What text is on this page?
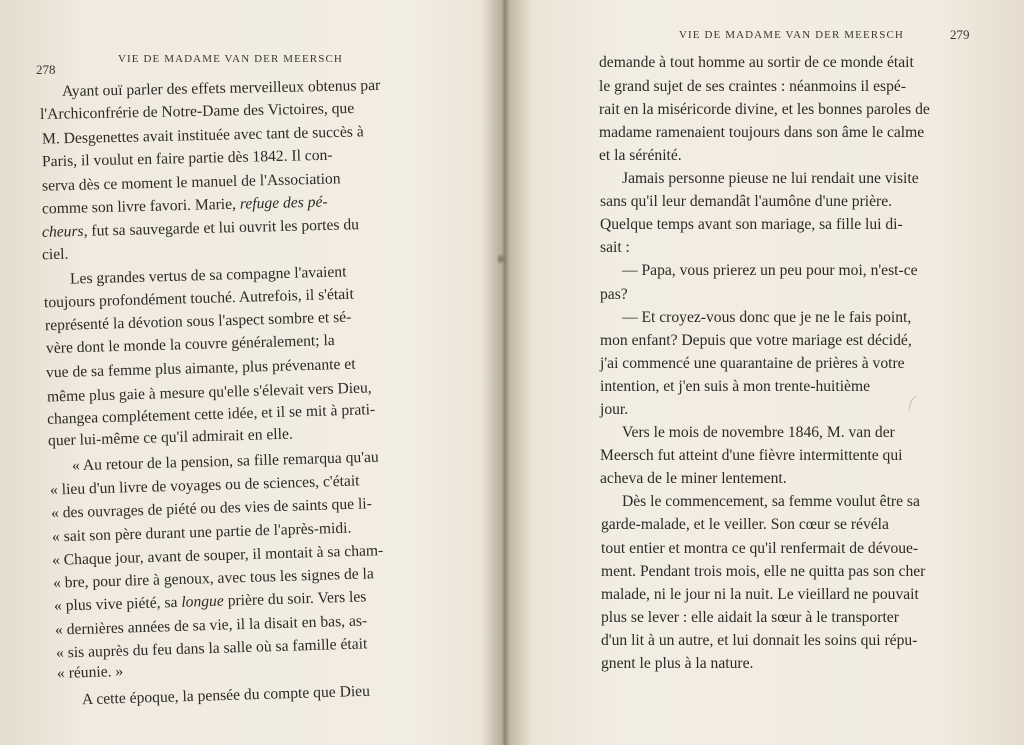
278
VIE DE MADAME VAN DER MEERSCH
Ayant ouï parler des effets merveilleux obtenus par
l'Archiconfrérie de Notre-Dame des Victoires, que
M. Desgenettes avait instituée avec tant de succès à
Paris, il voulut en faire partie dès 1842. Il con-
serva dès ce moment le manuel de l'Association
comme son livre favori. Marie, refuge des pé-
cheurs, fut sa sauvegarde et lui ouvrit les portes du
ciel.
Les grandes vertus de sa compagne l'avaient
toujours profondément touché. Autrefois, il s'était
représenté la dévotion sous l'aspect sombre et sé-
vère dont le monde la couvre généralement; la
vue de sa femme plus aimante, plus prévenante et
même plus gaie à mesure qu'elle s'élevait vers Dieu,
changea complétement cette idée, et il se mit à prati-
quer lui-même ce qu'il admirait en elle.
« Au retour de la pension, sa fille remarqua qu'au
« lieu d'un livre de voyages ou de sciences, c'était
« des ouvrages de piété ou des vies de saints que li-
« sait son père durant une partie de l'après-midi.
« Chaque jour, avant de souper, il montait à sa cham-
« bre, pour dire à genoux, avec tous les signes de la
« plus vive piété, sa longue prière du soir. Vers les
« dernières années de sa vie, il la disait en bas, as-
« sis auprès du feu dans la salle où sa famille était
« réunie. »
A cette époque, la pensée du compte que Dieu
VIE DE MADAME VAN DER MEERSCH	279
demande à tout homme au sortir de ce monde était
le grand sujet de ses craintes : néanmoins il espé-
rait en la miséricorde divine, et les bonnes paroles de
madame ramenaient toujours dans son âme le calme
et la sérénité.
Jamais personne pieuse ne lui rendait une visite
sans qu'il leur demandât l'aumône d'une prière.
Quelque temps avant son mariage, sa fille lui di-
sait :
— Papa, vous prierez un peu pour moi, n'est-ce
pas?
— Et croyez-vous donc que je ne le fais point,
mon enfant? Depuis que votre mariage est décidé,
j'ai commencé une quarantaine de prières à votre
intention, et j'en suis à mon trente-huitième
jour.
Vers le mois de novembre 1846, M. van der
Meersch fut atteint d'une fièvre intermittente qui
acheva de le miner lentement.
Dès le commencement, sa femme voulut être sa
garde-malade, et le veiller. Son cœur se révéla
tout entier et montra ce qu'il renfermait de dévoue-
ment. Pendant trois mois, elle ne quitta pas son cher
malade, ni le jour ni la nuit. Le vieillard ne pouvait
plus se lever : elle aidait la sœur à le transporter
d'un lit à un autre, et lui donnait les soins qui répu-
gnent le plus à la nature.
